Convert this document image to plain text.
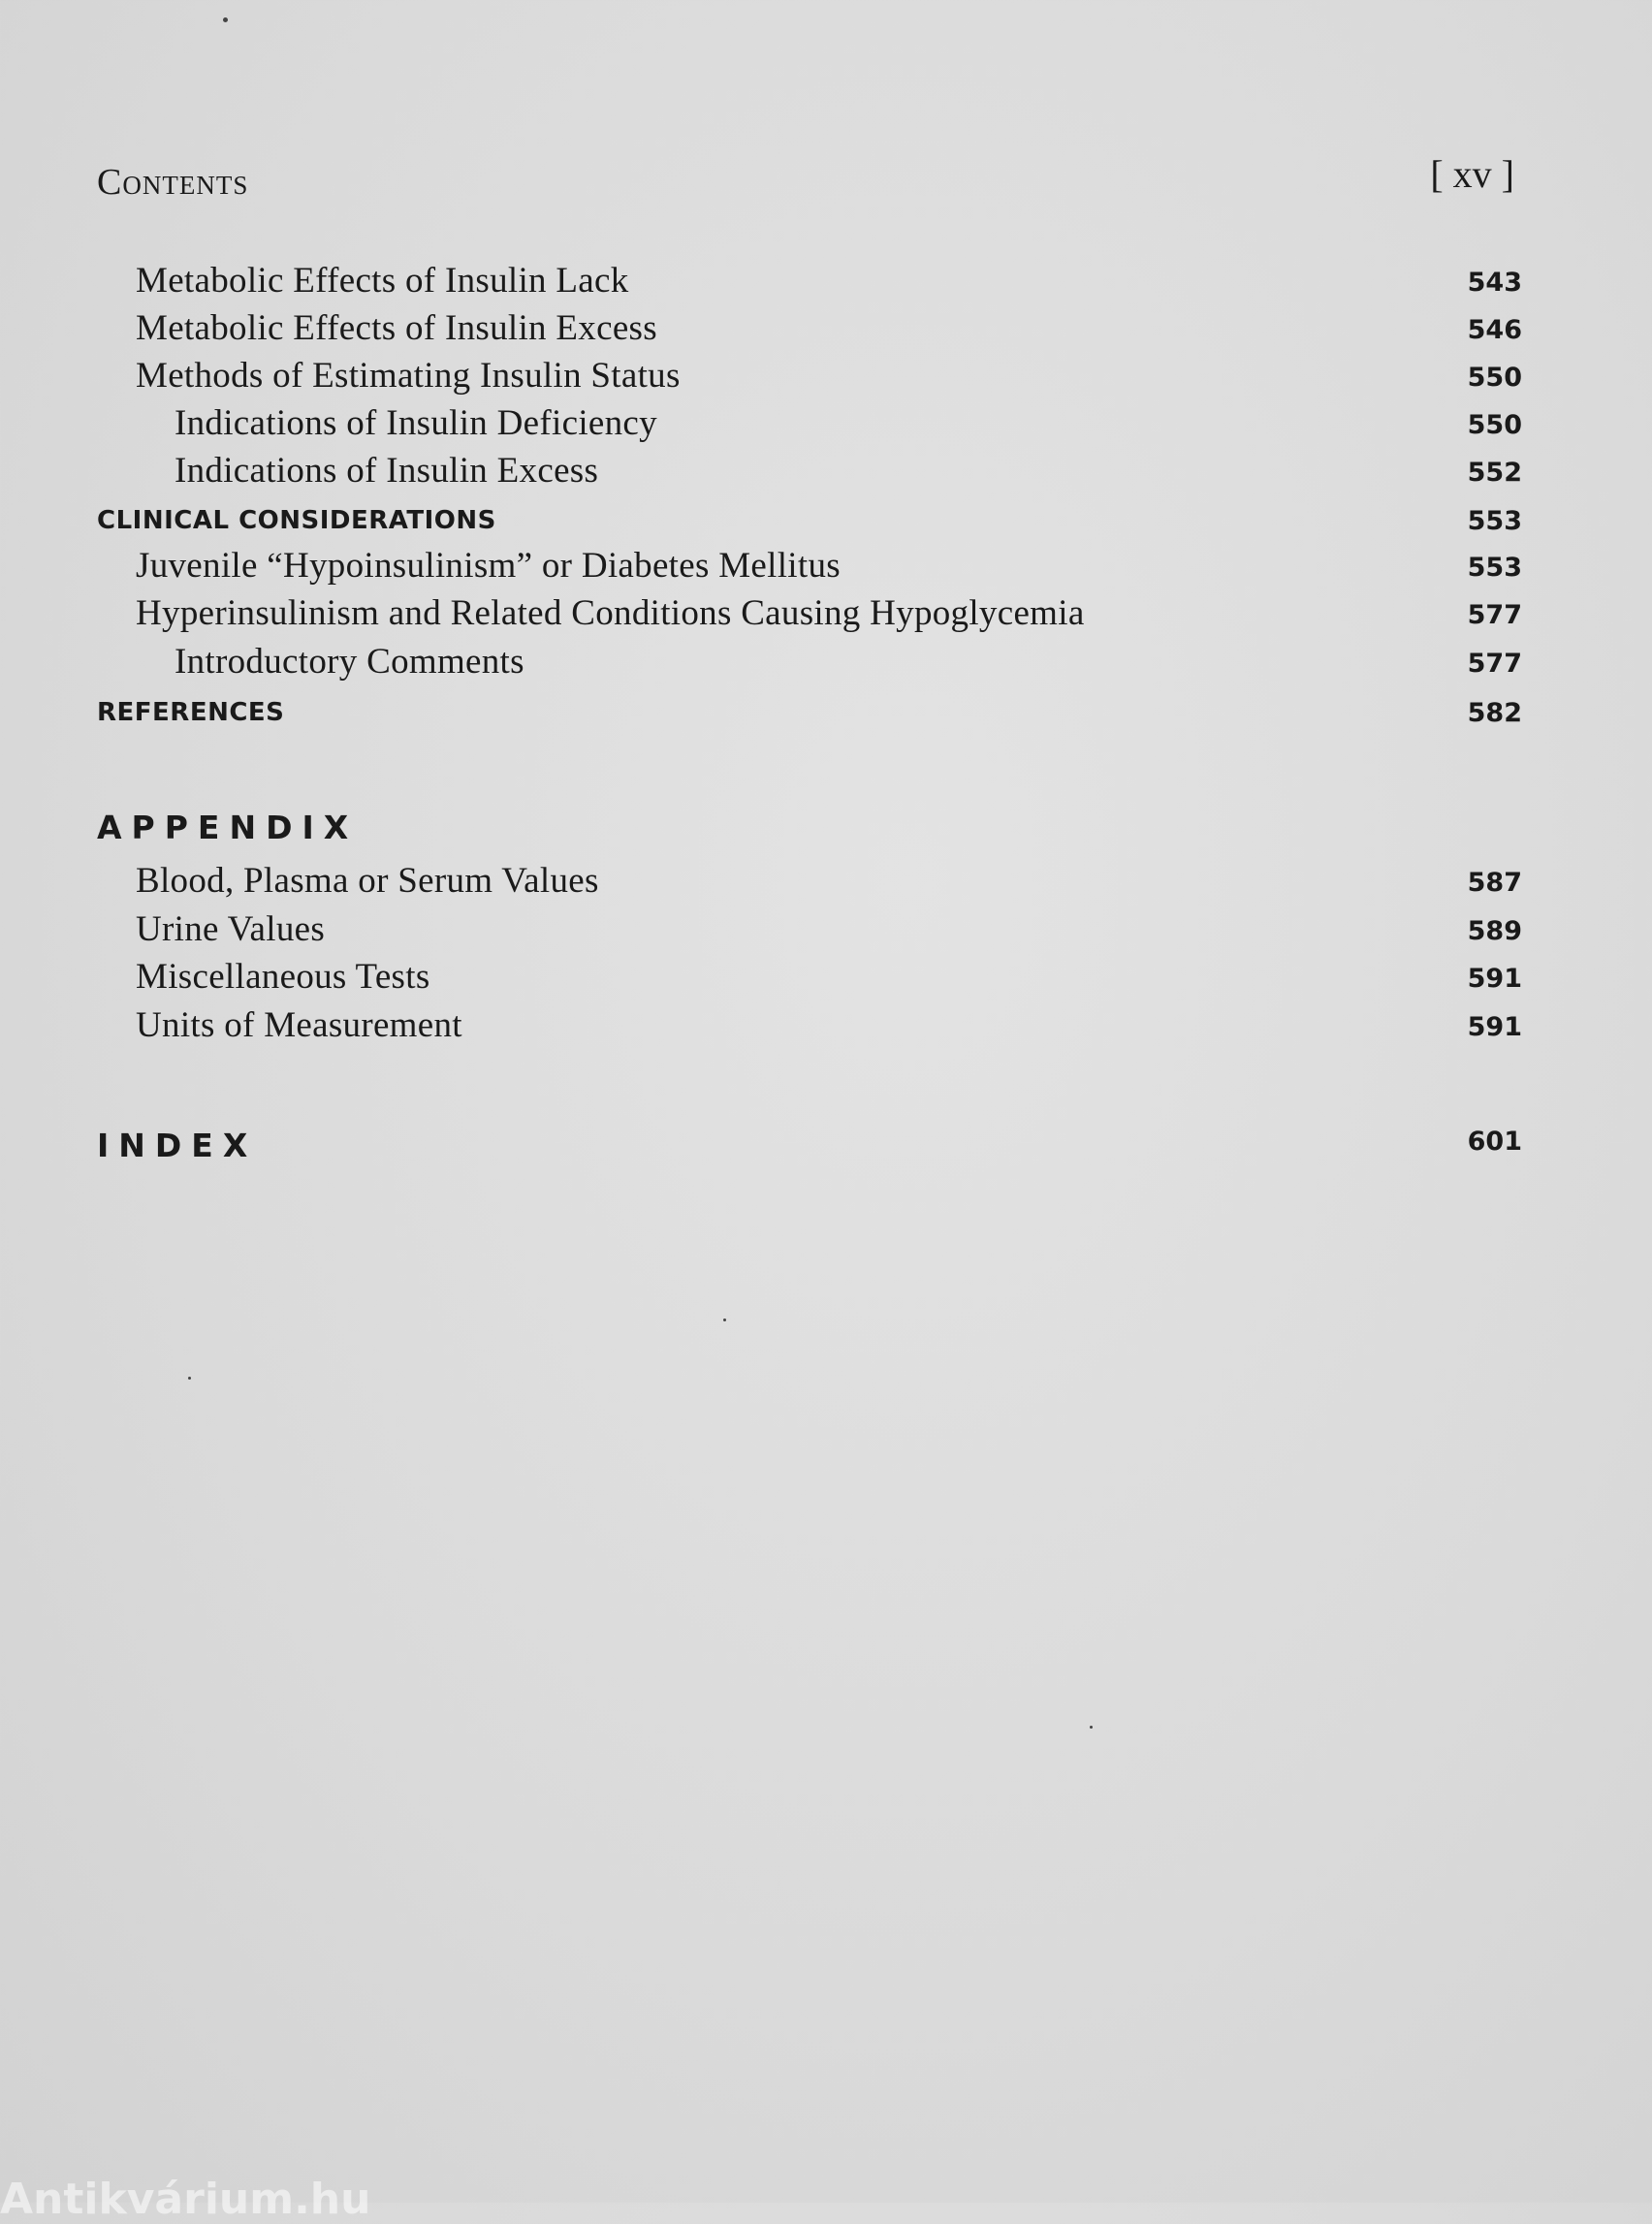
Contents	[ xv ]
Metabolic Effects of Insulin Lack	543
Metabolic Effects of Insulin Excess	546
Methods of Estimating Insulin Status	550
Indications of Insulin Deficiency	550
Indications of Insulin Excess	552
CLINICAL CONSIDERATIONS	553
Juvenile “Hypoinsulinism” or Diabetes Mellitus	553
Hyperinsulinism and Related Conditions Causing Hypoglycemia	577
Introductory Comments	577
REFERENCES	582
APPENDIX
Blood, Plasma or Serum Values	587
Urine Values	589
Miscellaneous Tests	591
Units of Measurement	591
INDEX	601
Antikvárium.hu
